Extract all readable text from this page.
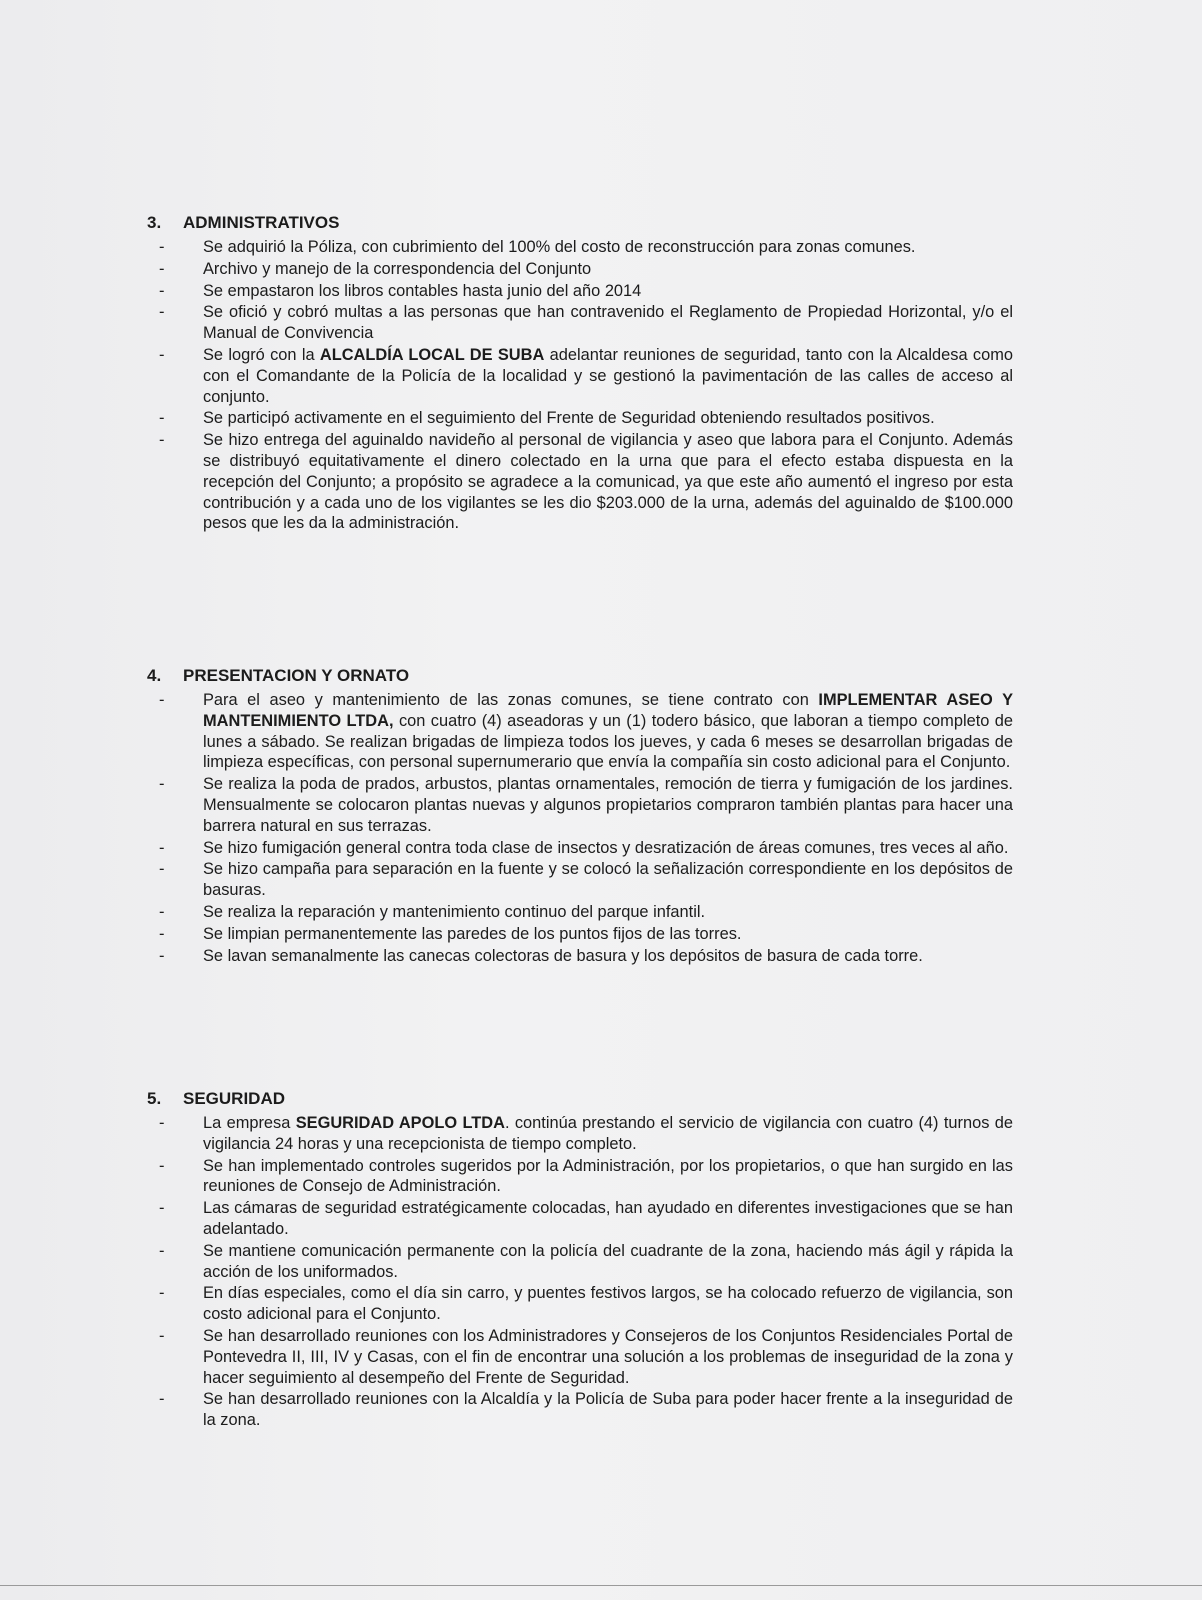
3. ADMINISTRATIVOS
- Se adquirió la Póliza, con cubrimiento del 100% del costo de reconstrucción para zonas comunes.
- Archivo y manejo de la correspondencia del Conjunto
- Se empastaron los libros contables hasta junio del año 2014
- Se ofició y cobró multas a las personas que han contravenido el Reglamento de Propiedad Horizontal, y/o el Manual de Convivencia
- Se logró con la ALCALDÍA LOCAL DE SUBA adelantar reuniones de seguridad, tanto con la Alcaldesa como con el Comandante de la Policía de la localidad y se gestionó la pavimentación de las calles de acceso al conjunto.
- Se participó activamente en el seguimiento del Frente de Seguridad obteniendo resultados positivos.
- Se hizo entrega del aguinaldo navideño al personal de vigilancia y aseo que labora para el Conjunto. Además se distribuyó equitativamente el dinero colectado en la urna que para el efecto estaba dispuesta en la recepción del Conjunto; a propósito se agradece a la comunicad, ya que este año aumentó el ingreso por esta contribución y a cada uno de los vigilantes se les dio $203.000 de la urna, además del aguinaldo de $100.000 pesos que les da la administración.
4. PRESENTACION Y ORNATO
- Para el aseo y mantenimiento de las zonas comunes, se tiene contrato con IMPLEMENTAR ASEO Y MANTENIMIENTO LTDA, con cuatro (4) aseadoras y un (1) todero básico, que laboran a tiempo completo de lunes a sábado. Se realizan brigadas de limpieza todos los jueves, y cada 6 meses se desarrollan brigadas de limpieza específicas, con personal supernumerario que envía la compañía sin costo adicional para el Conjunto.
- Se realiza la poda de prados, arbustos, plantas ornamentales, remoción de tierra y fumigación de los jardines. Mensualmente se colocaron plantas nuevas y algunos propietarios compraron también plantas para hacer una barrera natural en sus terrazas.
- Se hizo fumigación general contra toda clase de insectos y desratización de áreas comunes, tres veces al año.
- Se hizo campaña para separación en la fuente y se colocó la señalización correspondiente en los depósitos de basuras.
- Se realiza la reparación y mantenimiento continuo del parque infantil.
- Se limpian permanentemente las paredes de los puntos fijos de las torres.
- Se lavan semanalmente las canecas colectoras de basura y los depósitos de basura de cada torre.
5. SEGURIDAD
- La empresa SEGURIDAD APOLO LTDA. continúa prestando el servicio de vigilancia con cuatro (4) turnos de vigilancia 24 horas y una recepcionista de tiempo completo.
- Se han implementado controles sugeridos por la Administración, por los propietarios, o que han surgido en las reuniones de Consejo de Administración.
- Las cámaras de seguridad estratégicamente colocadas, han ayudado en diferentes investigaciones que se han adelantado.
- Se mantiene comunicación permanente con la policía del cuadrante de la zona, haciendo más ágil y rápida la acción de los uniformados.
- En días especiales, como el día sin carro, y puentes festivos largos, se ha colocado refuerzo de vigilancia, son costo adicional para el Conjunto.
- Se han desarrollado reuniones con los Administradores y Consejeros de los Conjuntos Residenciales Portal de Pontevedra II, III, IV y Casas, con el fin de encontrar una solución a los problemas de inseguridad de la zona y hacer seguimiento al desempeño del Frente de Seguridad.
- Se han desarrollado reuniones con la Alcaldía y la Policía de Suba para poder hacer frente a la inseguridad de la zona.
